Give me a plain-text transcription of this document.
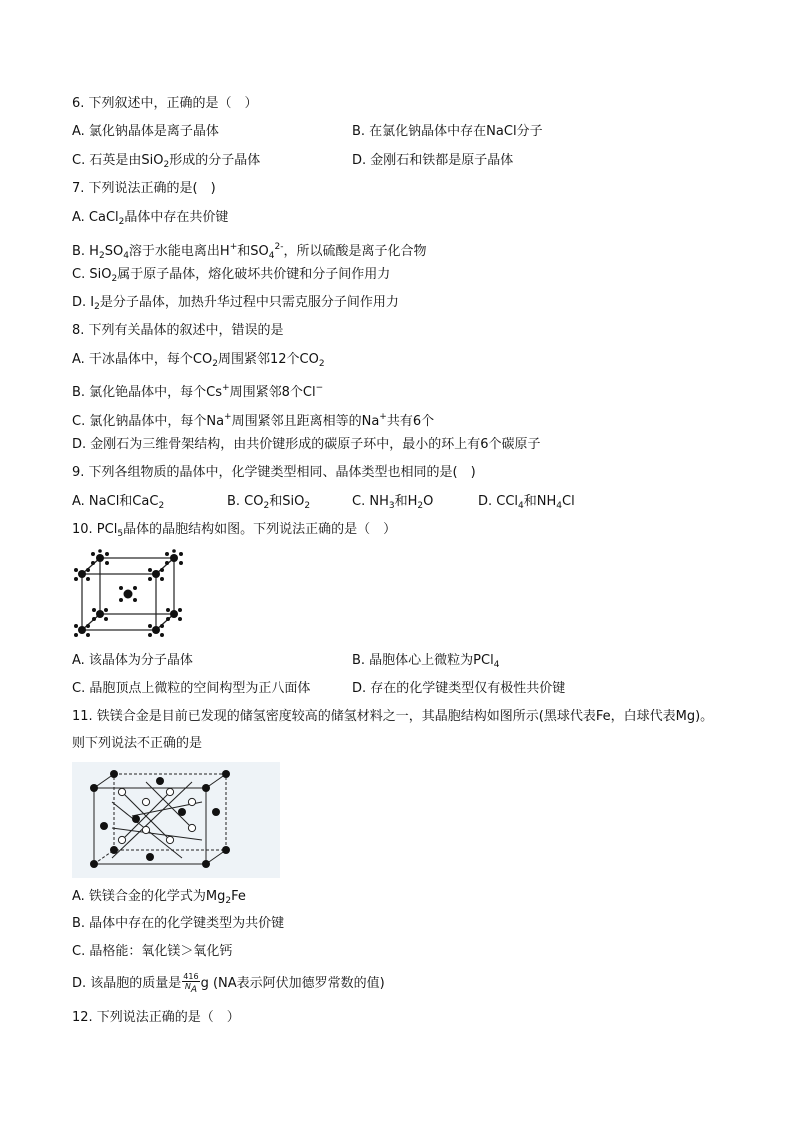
6. 下列叙述中，正确的是（　）
A. 氯化钠晶体是离子晶体	B. 在氯化钠晶体中存在NaCl分子
C. 石英是由SiO$_2$形成的分子晶体	D. 金刚石和铁都是原子晶体
7. 下列说法正确的是(　)
A. CaCl$_2$晶体中存在共价键
B. $H_2SO_4$溶于水能电离出H+和$SO_4^{2-}$，所以硫酸是离子化合物
C. SiO$_2$属于原子晶体，熔化破坏共价键和分子间作用力
D. $I_2$是分子晶体，加热升华过程中只需克服分子间作用力
8. 下列有关晶体的叙述中，错误的是
A. 干冰晶体中，每个$CO_2$周围紧邻12个$CO_2$
B. 氯化铯晶体中，每个Cs+周围紧邻8个Cl−
C. 氯化钠晶体中，每个Na+周围紧邻且距离相等的Na+共有6个
D. 金刚石为三维骨架结构，由共价键形成的碳原子环中，最小的环上有6个碳原子
9. 下列各组物质的晶体中，化学键类型相同、晶体类型也相同的是(　)
A. NaCl和CaC$_2$	B. $CO_2$和SiO$_2$	C. $NH_3$和$H_2O$	D. CCl$_4$和$NH_4Cl$
10. PCl$_5$晶体的晶胞结构如图。下列说法正确的是（　）
A. 该晶体为分子晶体	B. 晶胞体心上微粒为PCl$_4$
C. 晶胞顶点上微粒的空间构型为正八面体	D. 存在的化学键类型仅有极性共价键
11. 铁镁合金是目前已发现的储氢密度较高的储氢材料之一，其晶胞结构如图所示(黑球代表Fe，白球代表Mg)。
则下列说法不正确的是
A. 铁镁合金的化学式为$Mg_2Fe$
B. 晶体中存在的化学键类型为共价键
C. 晶格能：氧化镁＞氧化钙
D. 该晶胞的质量是 $\frac{416}{NA}$ g (NA表示阿伏加德罗常数的值)
12. 下列说法正确的是（　）
